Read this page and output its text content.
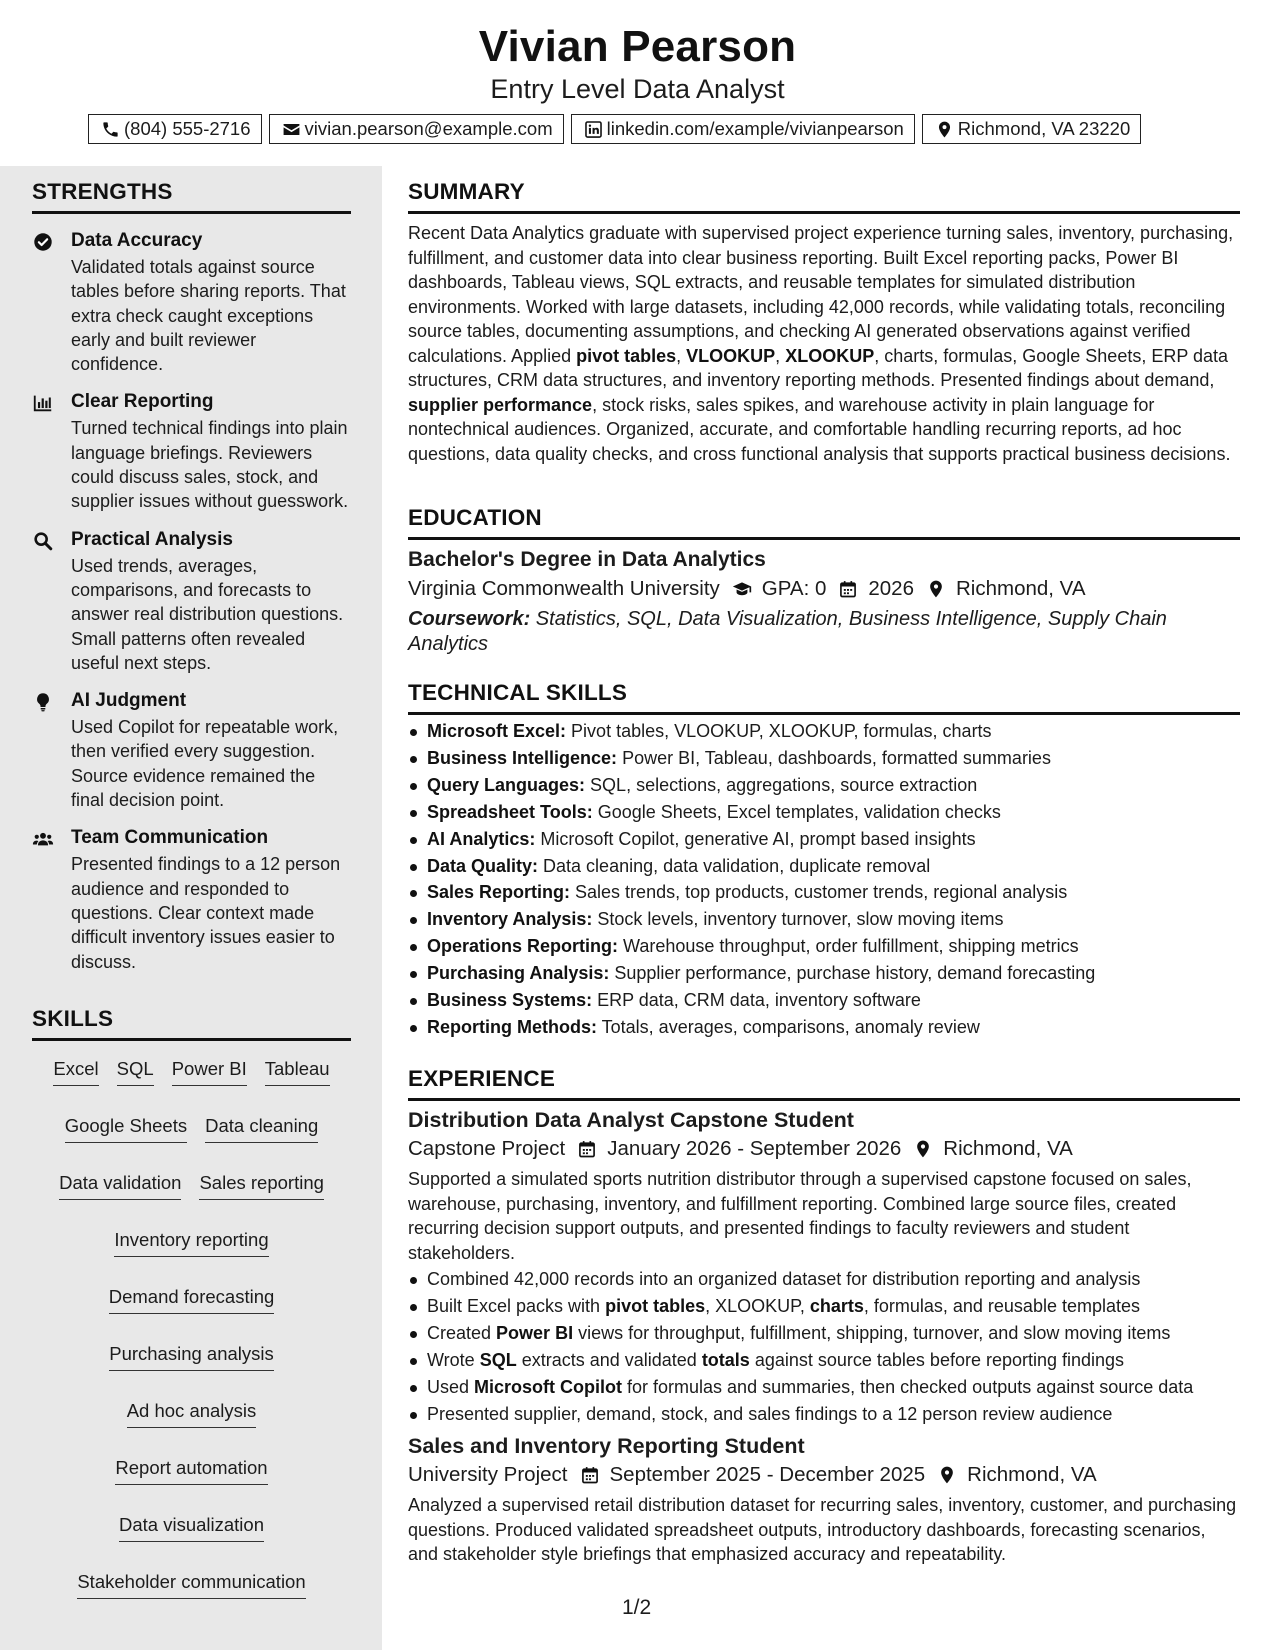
Vivian Pearson
Entry Level Data Analyst
(804) 555-2716	vivian.pearson@example.com	linkedin.com/example/vivianpearson	Richmond, VA 23220
STRENGTHS
Data Accuracy
Validated totals against source tables before sharing reports. That extra check caught exceptions early and built reviewer confidence.
Clear Reporting
Turned technical findings into plain language briefings. Reviewers could discuss sales, stock, and supplier issues without guesswork.
Practical Analysis
Used trends, averages, comparisons, and forecasts to answer real distribution questions. Small patterns often revealed useful next steps.
AI Judgment
Used Copilot for repeatable work, then verified every suggestion. Source evidence remained the final decision point.
Team Communication
Presented findings to a 12 person audience and responded to questions. Clear context made difficult inventory issues easier to discuss.
SKILLS
Excel SQL Power BI Tableau
Google Sheets Data cleaning
Data validation Sales reporting
Inventory reporting
Demand forecasting
Purchasing analysis
Ad hoc analysis
Report automation
Data visualization
Stakeholder communication
SUMMARY
Recent Data Analytics graduate with supervised project experience turning sales, inventory, purchasing, fulfillment, and customer data into clear business reporting. Built Excel reporting packs, Power BI dashboards, Tableau views, SQL extracts, and reusable templates for simulated distribution environments. Worked with large datasets, including 42,000 records, while validating totals, reconciling source tables, documenting assumptions, and checking AI generated observations against verified calculations. Applied pivot tables, VLOOKUP, XLOOKUP, charts, formulas, Google Sheets, ERP data structures, CRM data structures, and inventory reporting methods. Presented findings about demand, supplier performance, stock risks, sales spikes, and warehouse activity in plain language for nontechnical audiences. Organized, accurate, and comfortable handling recurring reports, ad hoc questions, data quality checks, and cross functional analysis that supports practical business decisions.
EDUCATION
Bachelor's Degree in Data Analytics
Virginia Commonwealth University GPA: 0 2026 Richmond, VA
Coursework: Statistics, SQL, Data Visualization, Business Intelligence, Supply Chain Analytics
TECHNICAL SKILLS
Microsoft Excel: Pivot tables, VLOOKUP, XLOOKUP, formulas, charts
Business Intelligence: Power BI, Tableau, dashboards, formatted summaries
Query Languages: SQL, selections, aggregations, source extraction
Spreadsheet Tools: Google Sheets, Excel templates, validation checks
AI Analytics: Microsoft Copilot, generative AI, prompt based insights
Data Quality: Data cleaning, data validation, duplicate removal
Sales Reporting: Sales trends, top products, customer trends, regional analysis
Inventory Analysis: Stock levels, inventory turnover, slow moving items
Operations Reporting: Warehouse throughput, order fulfillment, shipping metrics
Purchasing Analysis: Supplier performance, purchase history, demand forecasting
Business Systems: ERP data, CRM data, inventory software
Reporting Methods: Totals, averages, comparisons, anomaly review
EXPERIENCE
Distribution Data Analyst Capstone Student
Capstone Project January 2026 - September 2026 Richmond, VA
Supported a simulated sports nutrition distributor through a supervised capstone focused on sales, warehouse, purchasing, inventory, and fulfillment reporting. Combined large source files, created recurring decision support outputs, and presented findings to faculty reviewers and student stakeholders.
Combined 42,000 records into an organized dataset for distribution reporting and analysis
Built Excel packs with pivot tables, XLOOKUP, charts, formulas, and reusable templates
Created Power BI views for throughput, fulfillment, shipping, turnover, and slow moving items
Wrote SQL extracts and validated totals against source tables before reporting findings
Used Microsoft Copilot for formulas and summaries, then checked outputs against source data
Presented supplier, demand, stock, and sales findings to a 12 person review audience
Sales and Inventory Reporting Student
University Project September 2025 - December 2025 Richmond, VA
Analyzed a supervised retail distribution dataset for recurring sales, inventory, customer, and purchasing questions. Produced validated spreadsheet outputs, introductory dashboards, forecasting scenarios, and stakeholder style briefings that emphasized accuracy and repeatability.
1/2
